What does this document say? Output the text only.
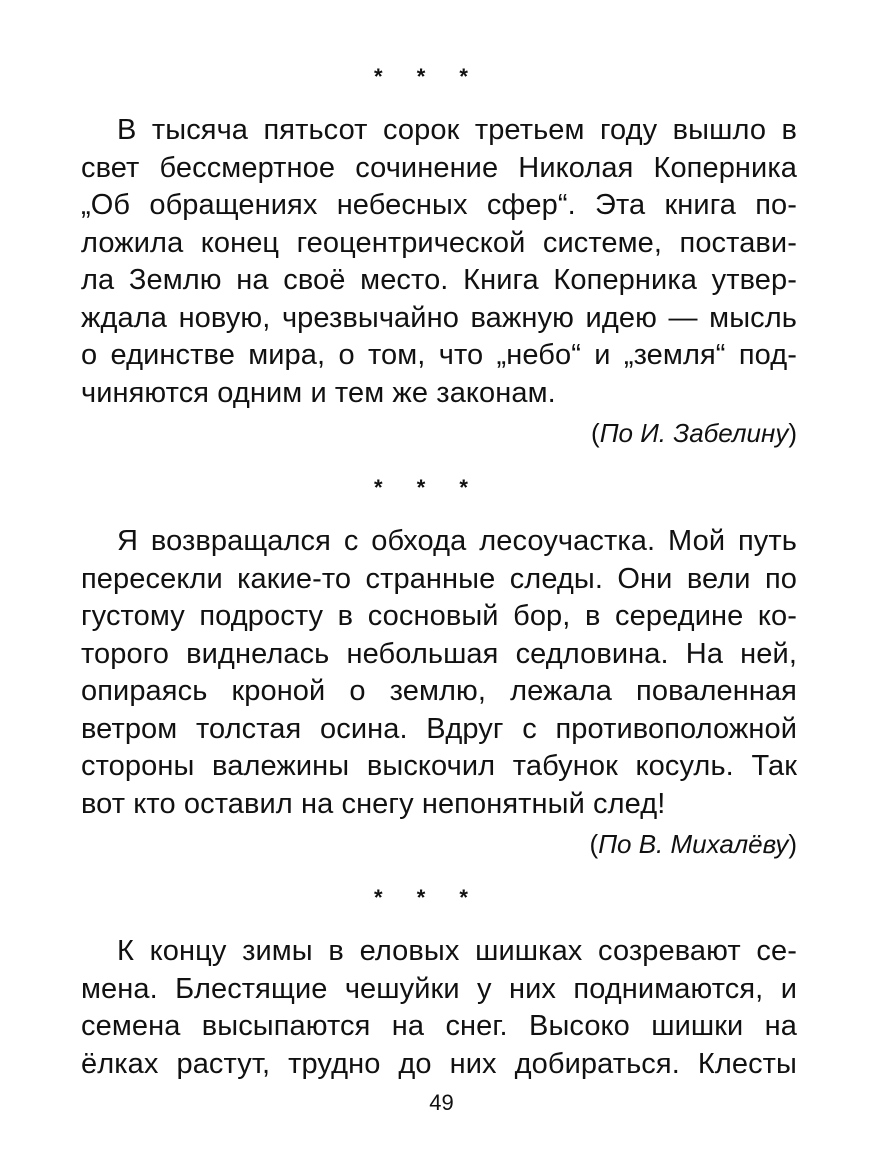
* * *
В тысяча пятьсот сорок третьем году вышло в
свет бессмертное сочинение Николая Коперника
„Об обращениях небесных сфер“. Эта книга по-
ложила конец геоцентрической системе, постави-
ла Землю на своё место. Книга Коперника утвер-
ждала новую, чрезвычайно важную идею — мысль
о единстве мира, о том, что „небо“ и „земля“ под-
чиняются одним и тем же законам.
(По И. Забелину)
* * *
Я возвращался с обхода лесоучастка. Мой путь
пересекли какие-то странные следы. Они вели по
густому подросту в сосновый бор, в середине ко-
торого виднелась небольшая седловина. На ней,
опираясь кроной о землю, лежала поваленная
ветром толстая осина. Вдруг с противоположной
стороны валежины выскочил табунок косуль. Так
вот кто оставил на снегу непонятный след!
(По В. Михалёву)
* * *
К концу зимы в еловых шишках созревают се-
мена. Блестящие чешуйки у них поднимаются, и
семена высыпаются на снег. Высоко шишки на
ёлках растут, трудно до них добираться. Клесты
49
